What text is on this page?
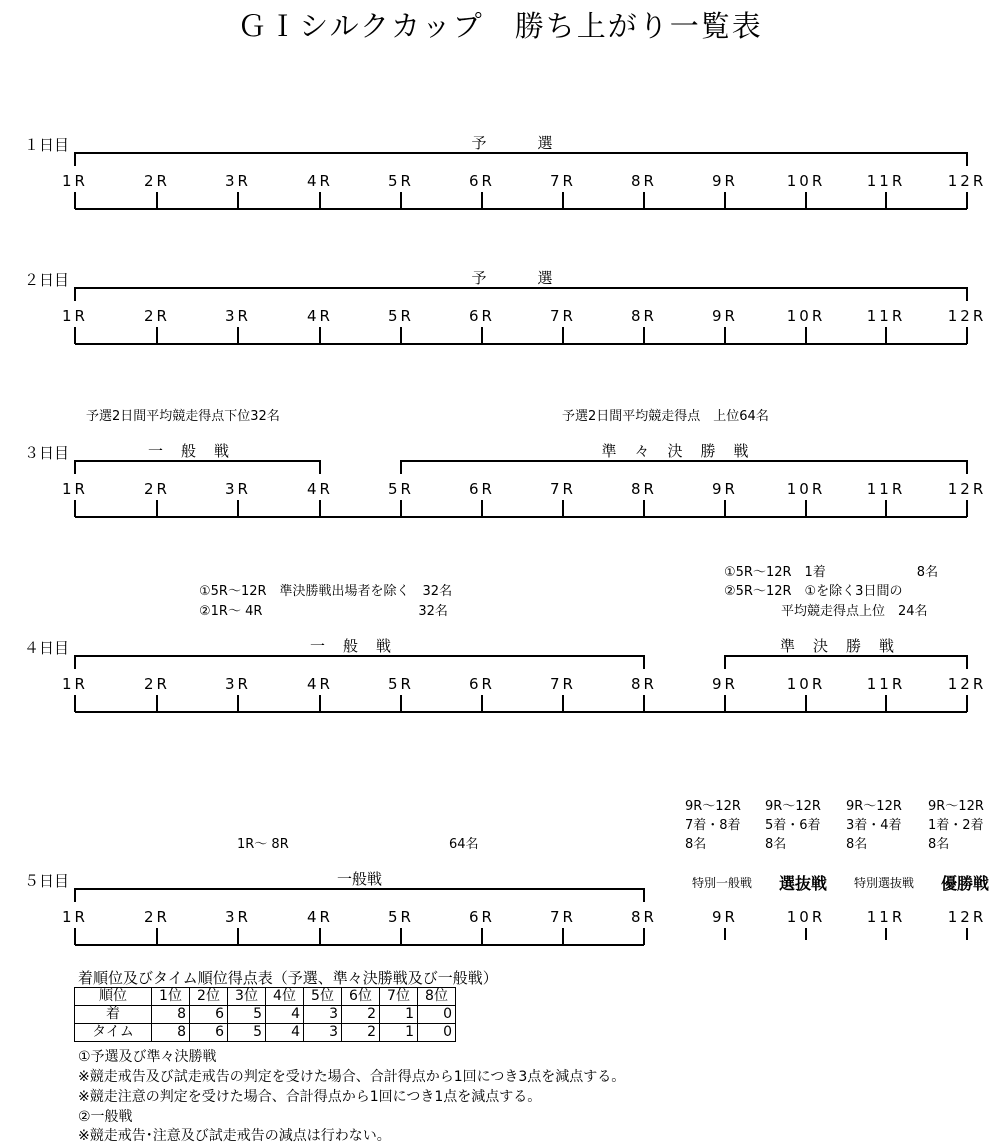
ＧＩシルクカップ　勝ち上がり一覧表
１日目	予　選
1R	2R	3R	4R	5R	6R	7R	8R	9R	10R	11R	12R
２日目	予　選
1R	2R	3R	4R	5R	6R	7R	8R	9R	10R	11R	12R
３日目	一般戦	準々決勝戦
1R	2R	3R	4R	5R	6R	7R	8R	9R	10R	11R	12R
４日目	一般戦	準決勝戦
1R	2R	3R	4R	5R	6R	7R	8R	9R	10R	11R	12R
５日目	一般戦
1R	2R	3R	4R	5R	6R	7R	8R	9R	10R	11R	12R
予選2日間平均競走得点下位32名	予選2日間平均競走得点　上位64名
①5R～12R　準決勝戦出場者を除く　32名
②1R～ 4R　　　　　　　　　　　　32名
①5R～12R　1着　　　　　　　8名
②5R～12R　①を除く3日間の
平均競走得点上位　24名
1R～ 8R	64名
9R～12R
7着・8着
8名
9R～12R
5着・6着
8名
9R～12R
3着・4着
8名
9R～12R
1着・2着
8名
特別一般戦 選抜戦 特別選抜戦 優勝戦
着順位及びタイム順位得点表（予選、準々決勝戦及び一般戦）
順位	1位	2位	3位	4位	5位	6位	7位	8位
着	8	6	5	4	3	2	1	0
タイム	8	6	5	4	3	2	1	0
①予選及び準々決勝戦
※競走戒告及び試走戒告の判定を受けた場合、合計得点から1回につき3点を減点する。
※競走注意の判定を受けた場合、合計得点から1回につき1点を減点する。
②一般戦
※競走戒告･注意及び試走戒告の減点は行わない。
